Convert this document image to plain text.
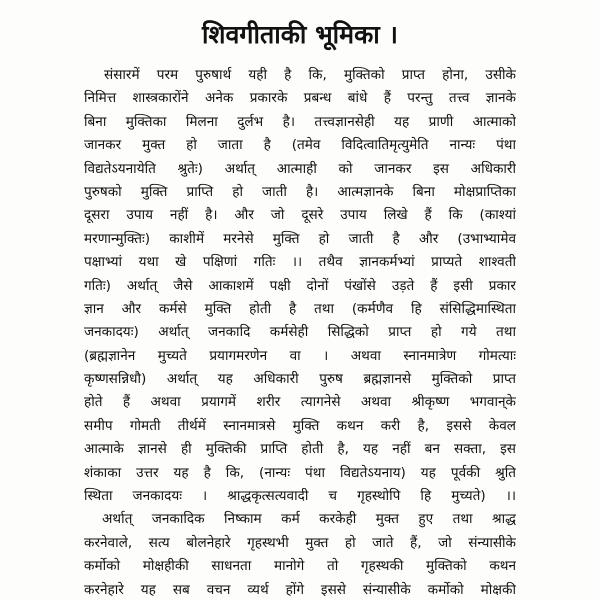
शिवगीताकी भूमिका ।
संसारमें परम पुरुषार्थ यही है कि, मुक्तिको प्राप्त होना, उसीके
निमित्त शास्त्रकारोंने अनेक प्रकारके प्रबन्ध बांधे हैं परन्तु तत्त्व ज्ञानके
बिना मुक्तिका मिलना दुर्लभ है। तत्त्वज्ञानसेही यह प्राणी आत्माको
जानकर मुक्त हो जाता है (तमेव विदित्वातिमृत्युमेति नान्यः पंथा
विद्यतेऽयनायेति श्रुतेः) अर्थात् आत्माही को जानकर इस अधिकारी
पुरुषको मुक्ति प्राप्ति हो जाती है। आत्मज्ञानके बिना मोक्षप्राप्तिका
दूसरा उपाय नहीं है। और जो दूसरे उपाय लिखे हैं कि (काश्यां
मरणान्मुक्तिः) काशीमें मरनेसे मुक्ति हो जाती है और (उभाभ्यामेव
पक्षाभ्यां यथा खे पक्षिणां गतिः ।। तथैव ज्ञानकर्मभ्यां प्राप्यते शाश्वती
गतिः) अर्थात् जैसे आकाशमें पक्षी दोनों पंखोंसे उड़ते हैं इसी प्रकार
ज्ञान और कर्मसे मुक्ति होती है तथा (कर्मणैव हि संसिद्धिमास्थिता
जनकादयः) अर्थात् जनकादि कर्मसेही सिद्धिको प्राप्त हो गये तथा
(ब्रह्मज्ञानेन मुच्यते प्रयागमरणेन वा । अथवा स्नानमात्रेण गोमत्याः
कृष्णसन्निधौ) अर्थात् यह अधिकारी पुरुष ब्रह्मज्ञानसे मुक्तिको प्राप्त
होते हैं अथवा प्रयागमें शरीर त्यागनेसे अथवा श्रीकृष्ण भगवान्‌के
समीप गोमती तीर्थमें स्नानमात्रसे मुक्ति कथन करी है, इससे केवल
आत्माके ज्ञानसे ही मुक्तिकी प्राप्ति होती है, यह नहीं बन सक्ता, इस
शंकाका उत्तर यह है कि, (नान्यः पंथा विद्यतेऽयनाय) यह पूर्वकी श्रुति
स्थिता जनकादयः । श्राद्धकृत्सत्यवादी च गृहस्थोपि हि मुच्यते) ।।
अर्थात् जनकादिक निष्काम कर्म करकेही मुक्त हुए तथा श्राद्ध
करनेवाले, सत्य बोलनेहारे गृहस्थभी मुक्त हो जाते हैं, जो संन्यासीके
कर्मोको मोक्षहीकी साधनता मानोगे तो गृहस्थकी मुक्तिको कथन
करनेहारे यह सब वचन व्यर्थ होंगे इससे संन्यासीके कर्मोको मोक्षकी
